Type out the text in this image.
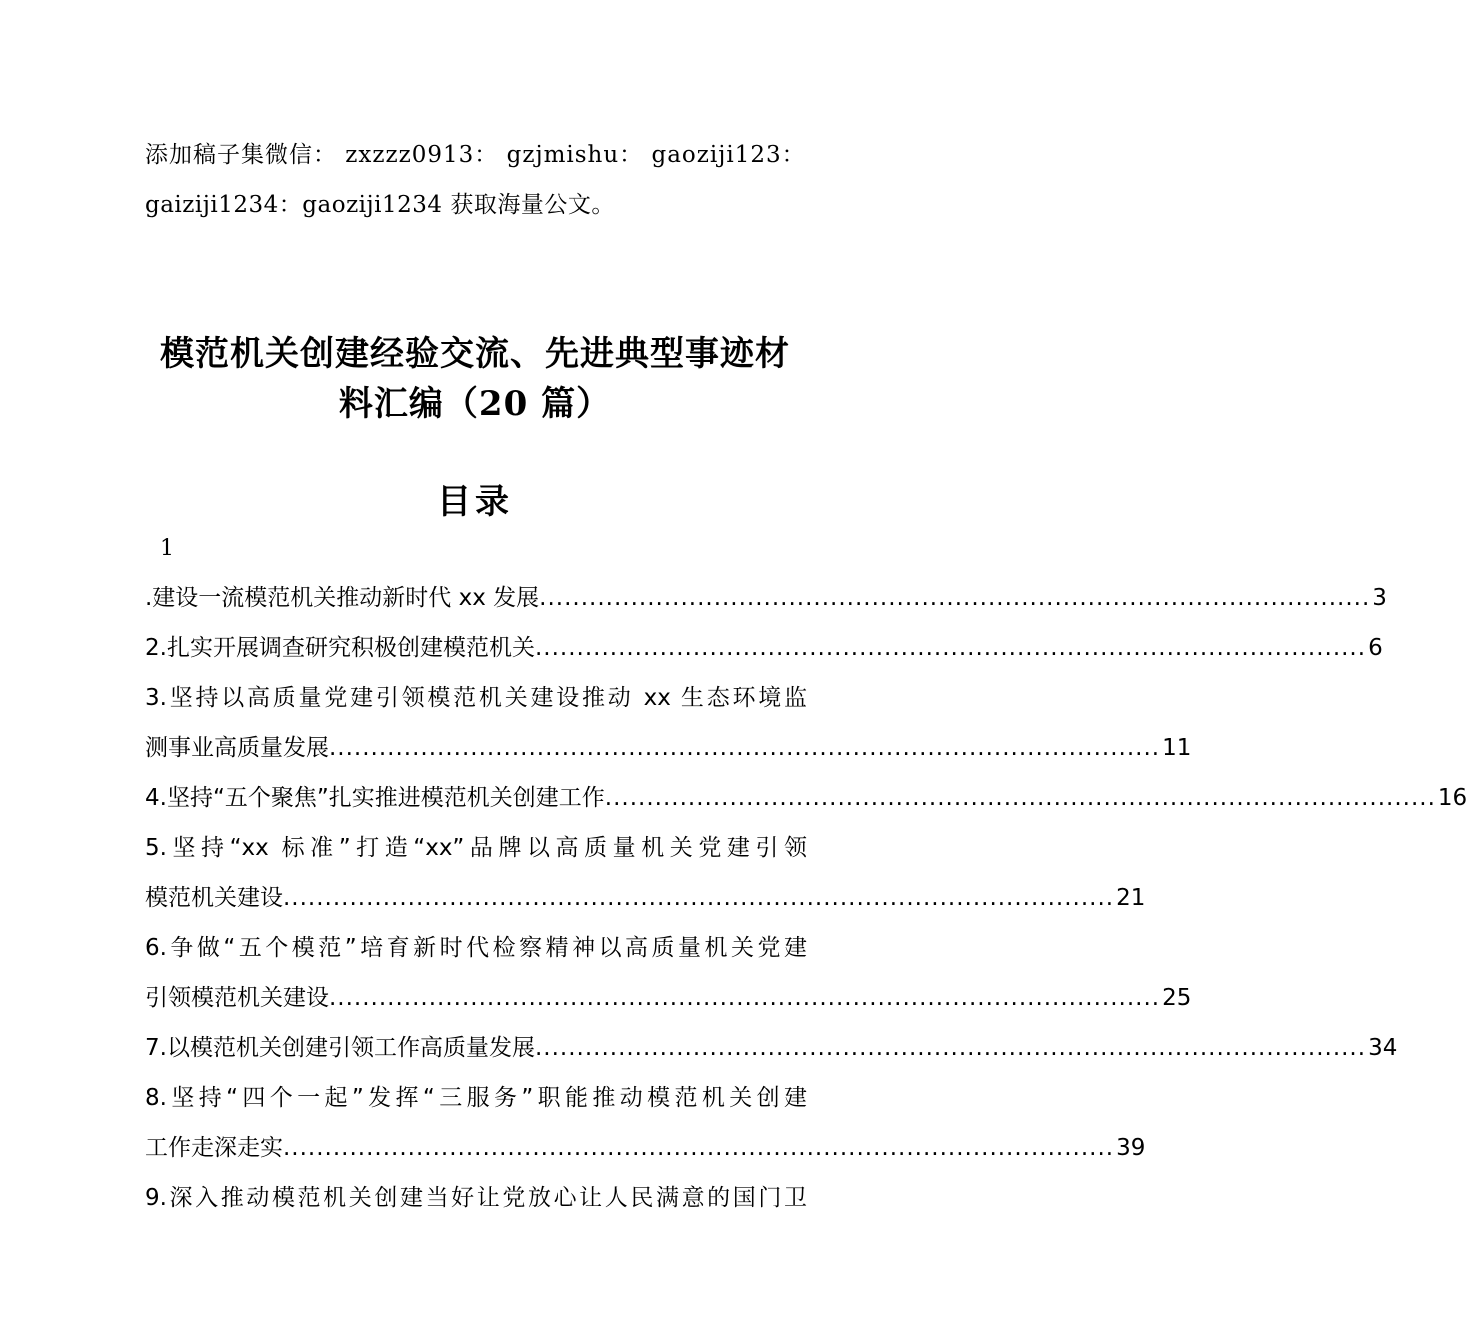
添加稿子集微信： zxzzz0913： gzjmishu： gaoziji123：
gaiziji1234：gaoziji1234 获取海量公文。
模范机关创建经验交流、先进典型事迹材
料汇编（20 篇）
目录
1
.建设一流模范机关推动新时代 xx 发展 .................................................................................................... 3
2.扎实开展调查研究积极创建模范机关 .................................................................................................... 6
3.坚持以高质量党建引领模范机关建设推动 xx 生态环境监
测事业高质量发展 .................................................................................................... 11
4.坚持“五个聚焦”扎实推进模范机关创建工作 .................................................................................................... 16
5.坚持“xx 标准”打造“xx”品牌以高质量机关党建引领
模范机关建设 .................................................................................................... 21
6.争做“五个模范”培育新时代检察精神以高质量机关党建
引领模范机关建设 .................................................................................................... 25
7.以模范机关创建引领工作高质量发展 .................................................................................................... 34
8.坚持“四个一起”发挥“三服务”职能推动模范机关创建
工作走深走实 .................................................................................................... 39
9.深入推动模范机关创建当好让党放心让人民满意的国门卫
